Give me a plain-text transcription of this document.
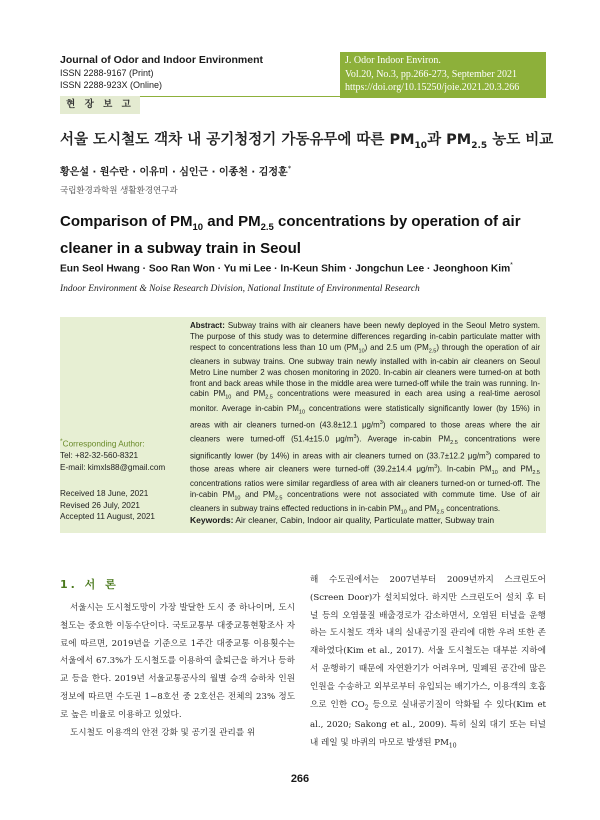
Journal of Odor and Indoor Environment
ISSN 2288-9167 (Print)
ISSN 2288-923X (Online)
J. Odor Indoor Environ.
Vol.20, No.3, pp.266-273, September 2021
https://doi.org/10.15250/joie.2021.20.3.266
현 장 보 고
서울 도시철도 객차 내 공기청정기 가동유무에 따른 $PM_{10}$과 $PM_{2.5}$ 농도 비교
황은설 · 원수란 · 이유미 · 심인근 · 이종천 · 김정훈*
국립환경과학원 생활환경연구과
Comparison of $PM_{10}$ and $PM_{2.5}$ concentrations by operation of air cleaner in a subway train in Seoul
Eun Seol Hwang · Soo Ran Won · Yu mi Lee · In-Keun Shim · Jongchun Lee · Jeonghoon Kim*
Indoor Environment & Noise Research Division, National Institute of Environmental Research
*Corresponding Author:
Tel: +82-32-560-8321
E-mail: kimxls88@gmail.com
Received 18 June, 2021
Revised 26 July, 2021
Accepted 11 August, 2021
Abstract: Subway trains with air cleaners have been newly deployed in the Seoul Metro system. The purpose of this study was to determine differences regarding in-cabin particulate matter with respect to concentrations less than 10 um $(PM_{10})$ and 2.5 um $(PM_{2.5})$ through the operation of air cleaners in subway trains. One subway train newly installed with in-cabin air cleaners on Seoul Metro Line number 2 was chosen monitoring in 2020. In-cabin air cleaners were turned-on at both front and back areas while those in the middle area were turned-off while the train was running. In-cabin $PM_{10}$ and $PM_{2.5}$ concentrations were measured in each area using a real-time aerosol monitor. Average in-cabin $PM_{10}$ concentrations were statistically significantly lower (by 15%) in areas with air cleaners turned-on (43.8±12.1 $\mu g/m^3$) compared to those areas where the air cleaners were turned-off (51.4±15.0 $\mu g/m^3$). Average in-cabin $PM_{2.5}$ concentrations were significantly lower (by 14%) in areas with air cleaners turned on (33.7±12.2 $\mu g/m^3$) compared to those areas where air cleaners were turned-off (39.2±14.4 $\mu g/m^3$). In-cabin $PM_{10}$ and $PM_{2.5}$ concentrations ratios were similar regardless of area with air cleaners turned-on or turned-off. The in-cabin $PM_{10}$ and $PM_{2.5}$ concentrations were not associated with commute time. Use of air cleaners in subway trains effected reductions in in-cabin $PM_{10}$ and $PM_{2.5}$ concentrations.
Keywords: Air cleaner, Cabin, Indoor air quality, Particulate matter, Subway train
1. 서 론

서울시는 도시철도망이 가장 발달한 도시 중 하나이며, 도시철도는 중요한 이동수단이다. 국토교통부 대중교통현황조사 자료에 따르면, 2019년을 기준으로 1주간 대중교통 이용횟수는 서울에서 67.3%가 도시철도를 이용하여 출퇴근을 하거나 등하교 등을 한다. 2019년 서울교통공사의 월별 승객 승하차 인원정보에 따르면 수도권 1~8호선 중 2호선은 전체의 23% 정도로 높은 비율로 이용하고 있었다.

도시철도 이용객의 안전 강화 및 공기질 관리를 위

해 수도권에서는 2007년부터 2009년까지 스크린도어(Screen Door)가 설치되었다. 하지만 스크린도어 설치 후 터널 등의 오염물질 배출경로가 감소하면서, 오염된 터널을 운행하는 도시철도 객차 내의 실내공기질 관리에 대한 우려 또한 존재하였다(Kim et al., 2017). 서울 도시철도는 대부분 지하에서 운행하기 때문에 자연환기가 어려우며, 밀폐된 공간에 많은 인원을 수송하고 외부로부터 유입되는 배기가스, 이용객의 호흡으로 인한 $CO_2$ 등으로 실내공기질이 악화될 수 있다(Kim et al., 2020; Sakong et al., 2009). 특히 실외 대기 또는 터널 내 레일 및 바퀴의 마모로 발생된 $PM_{10}$

266
